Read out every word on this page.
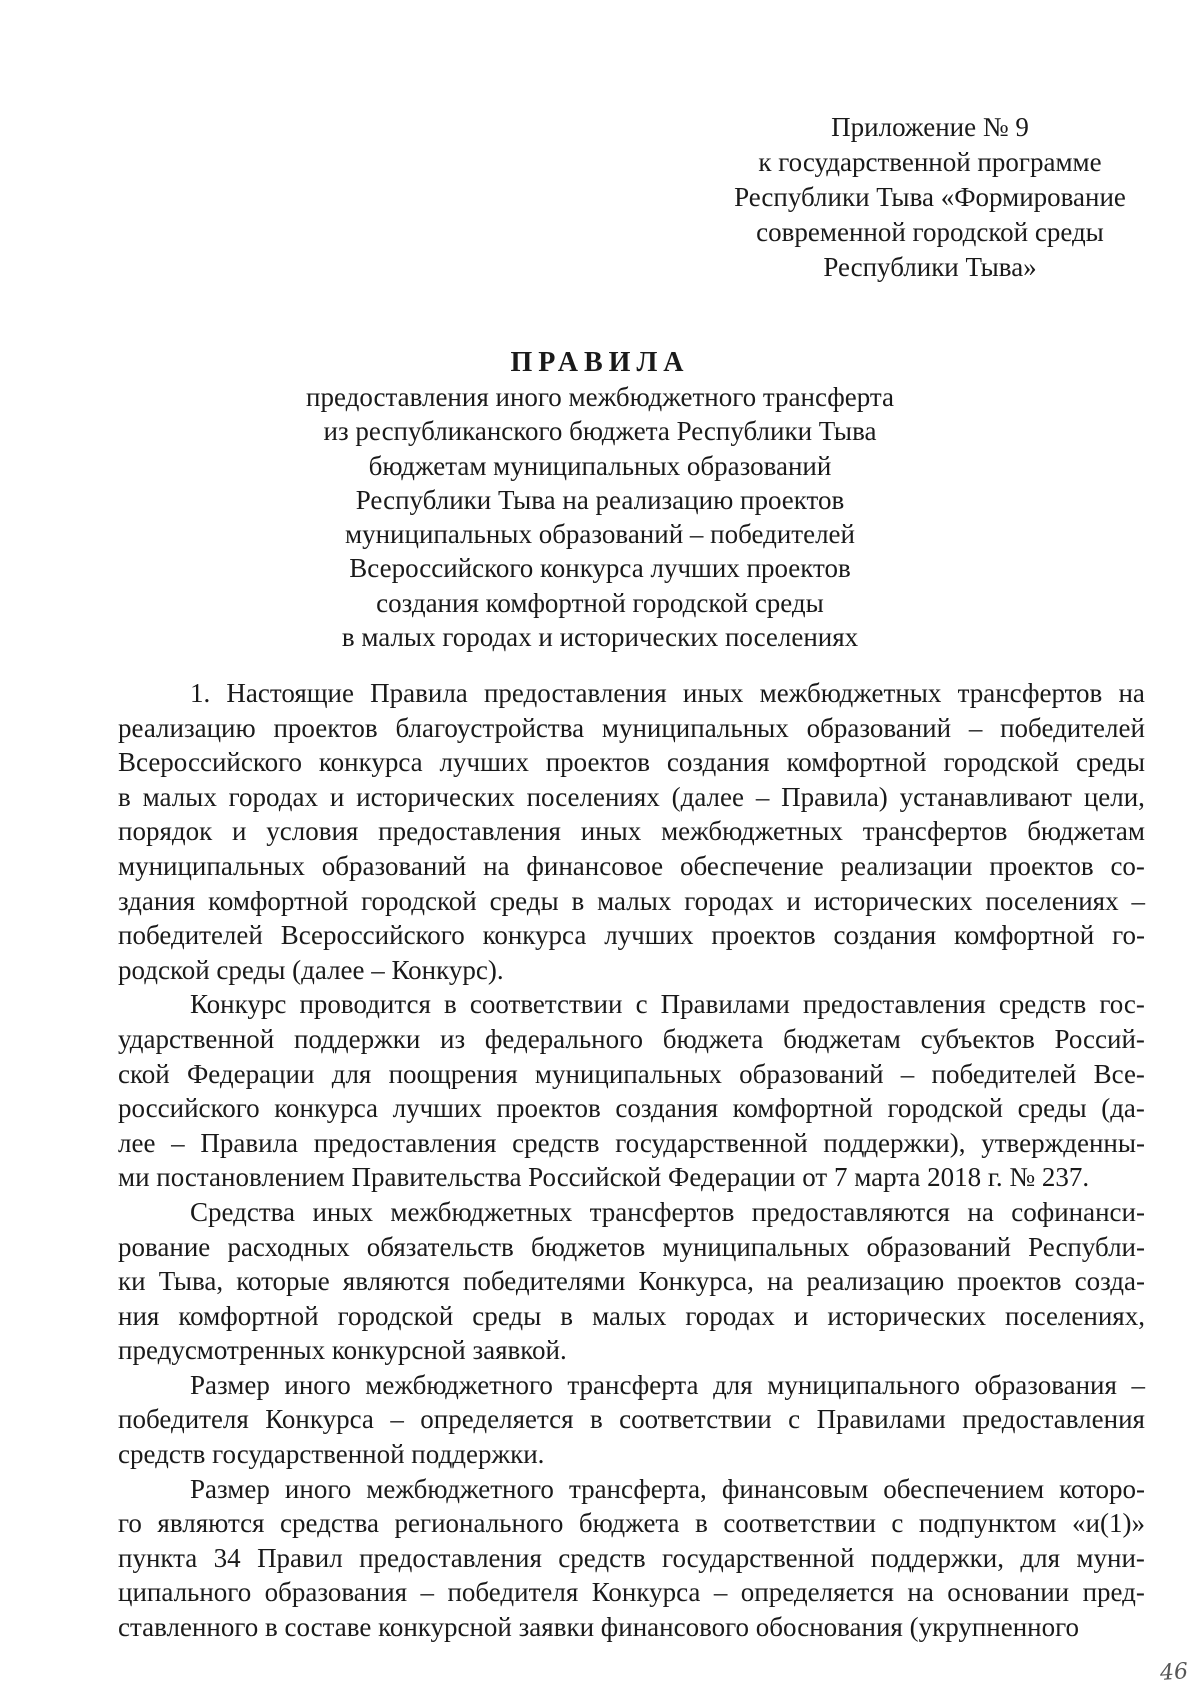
Приложение № 9
к государственной программе
Республики Тыва «Формирование
современной городской среды
Республики Тыва»
ПРАВИЛА
предоставления иного межбюджетного трансферта
из республиканского бюджета Республики Тыва
бюджетам муниципальных образований
Республики Тыва на реализацию проектов
муниципальных образований – победителей
Всероссийского конкурса лучших проектов
создания комфортной городской среды
в малых городах и исторических поселениях
1. Настоящие Правила предоставления иных межбюджетных трансфертов на
реализацию проектов благоустройства муниципальных образований – победителей
Всероссийского конкурса лучших проектов создания комфортной городской среды
в малых городах и исторических поселениях (далее – Правила) устанавливают цели,
порядок и условия предоставления иных межбюджетных трансфертов бюджетам
муниципальных образований на финансовое обеспечение реализации проектов со-
здания комфортной городской среды в малых городах и исторических поселениях –
победителей Всероссийского конкурса лучших проектов создания комфортной го-
родской среды (далее – Конкурс).
Конкурс проводится в соответствии с Правилами предоставления средств гос-
ударственной поддержки из федерального бюджета бюджетам субъектов Россий-
ской Федерации для поощрения муниципальных образований – победителей Все-
российского конкурса лучших проектов создания комфортной городской среды (да-
лее – Правила предоставления средств государственной поддержки), утвержденны-
ми постановлением Правительства Российской Федерации от 7 марта 2018 г. № 237.
Средства иных межбюджетных трансфертов предоставляются на софинанси-
рование расходных обязательств бюджетов муниципальных образований Республи-
ки Тыва, которые являются победителями Конкурса, на реализацию проектов созда-
ния комфортной городской среды в малых городах и исторических поселениях,
предусмотренных конкурсной заявкой.
Размер иного межбюджетного трансферта для муниципального образования –
победителя Конкурса – определяется в соответствии с Правилами предоставления
средств государственной поддержки.
Размер иного межбюджетного трансферта, финансовым обеспечением которо-
го являются средства регионального бюджета в соответствии с подпунктом «и(1)»
пункта 34 Правил предоставления средств государственной поддержки, для муни-
ципального образования – победителя Конкурса – определяется на основании пред-
ставленного в составе конкурсной заявки финансового обоснования (укрупненного
46
